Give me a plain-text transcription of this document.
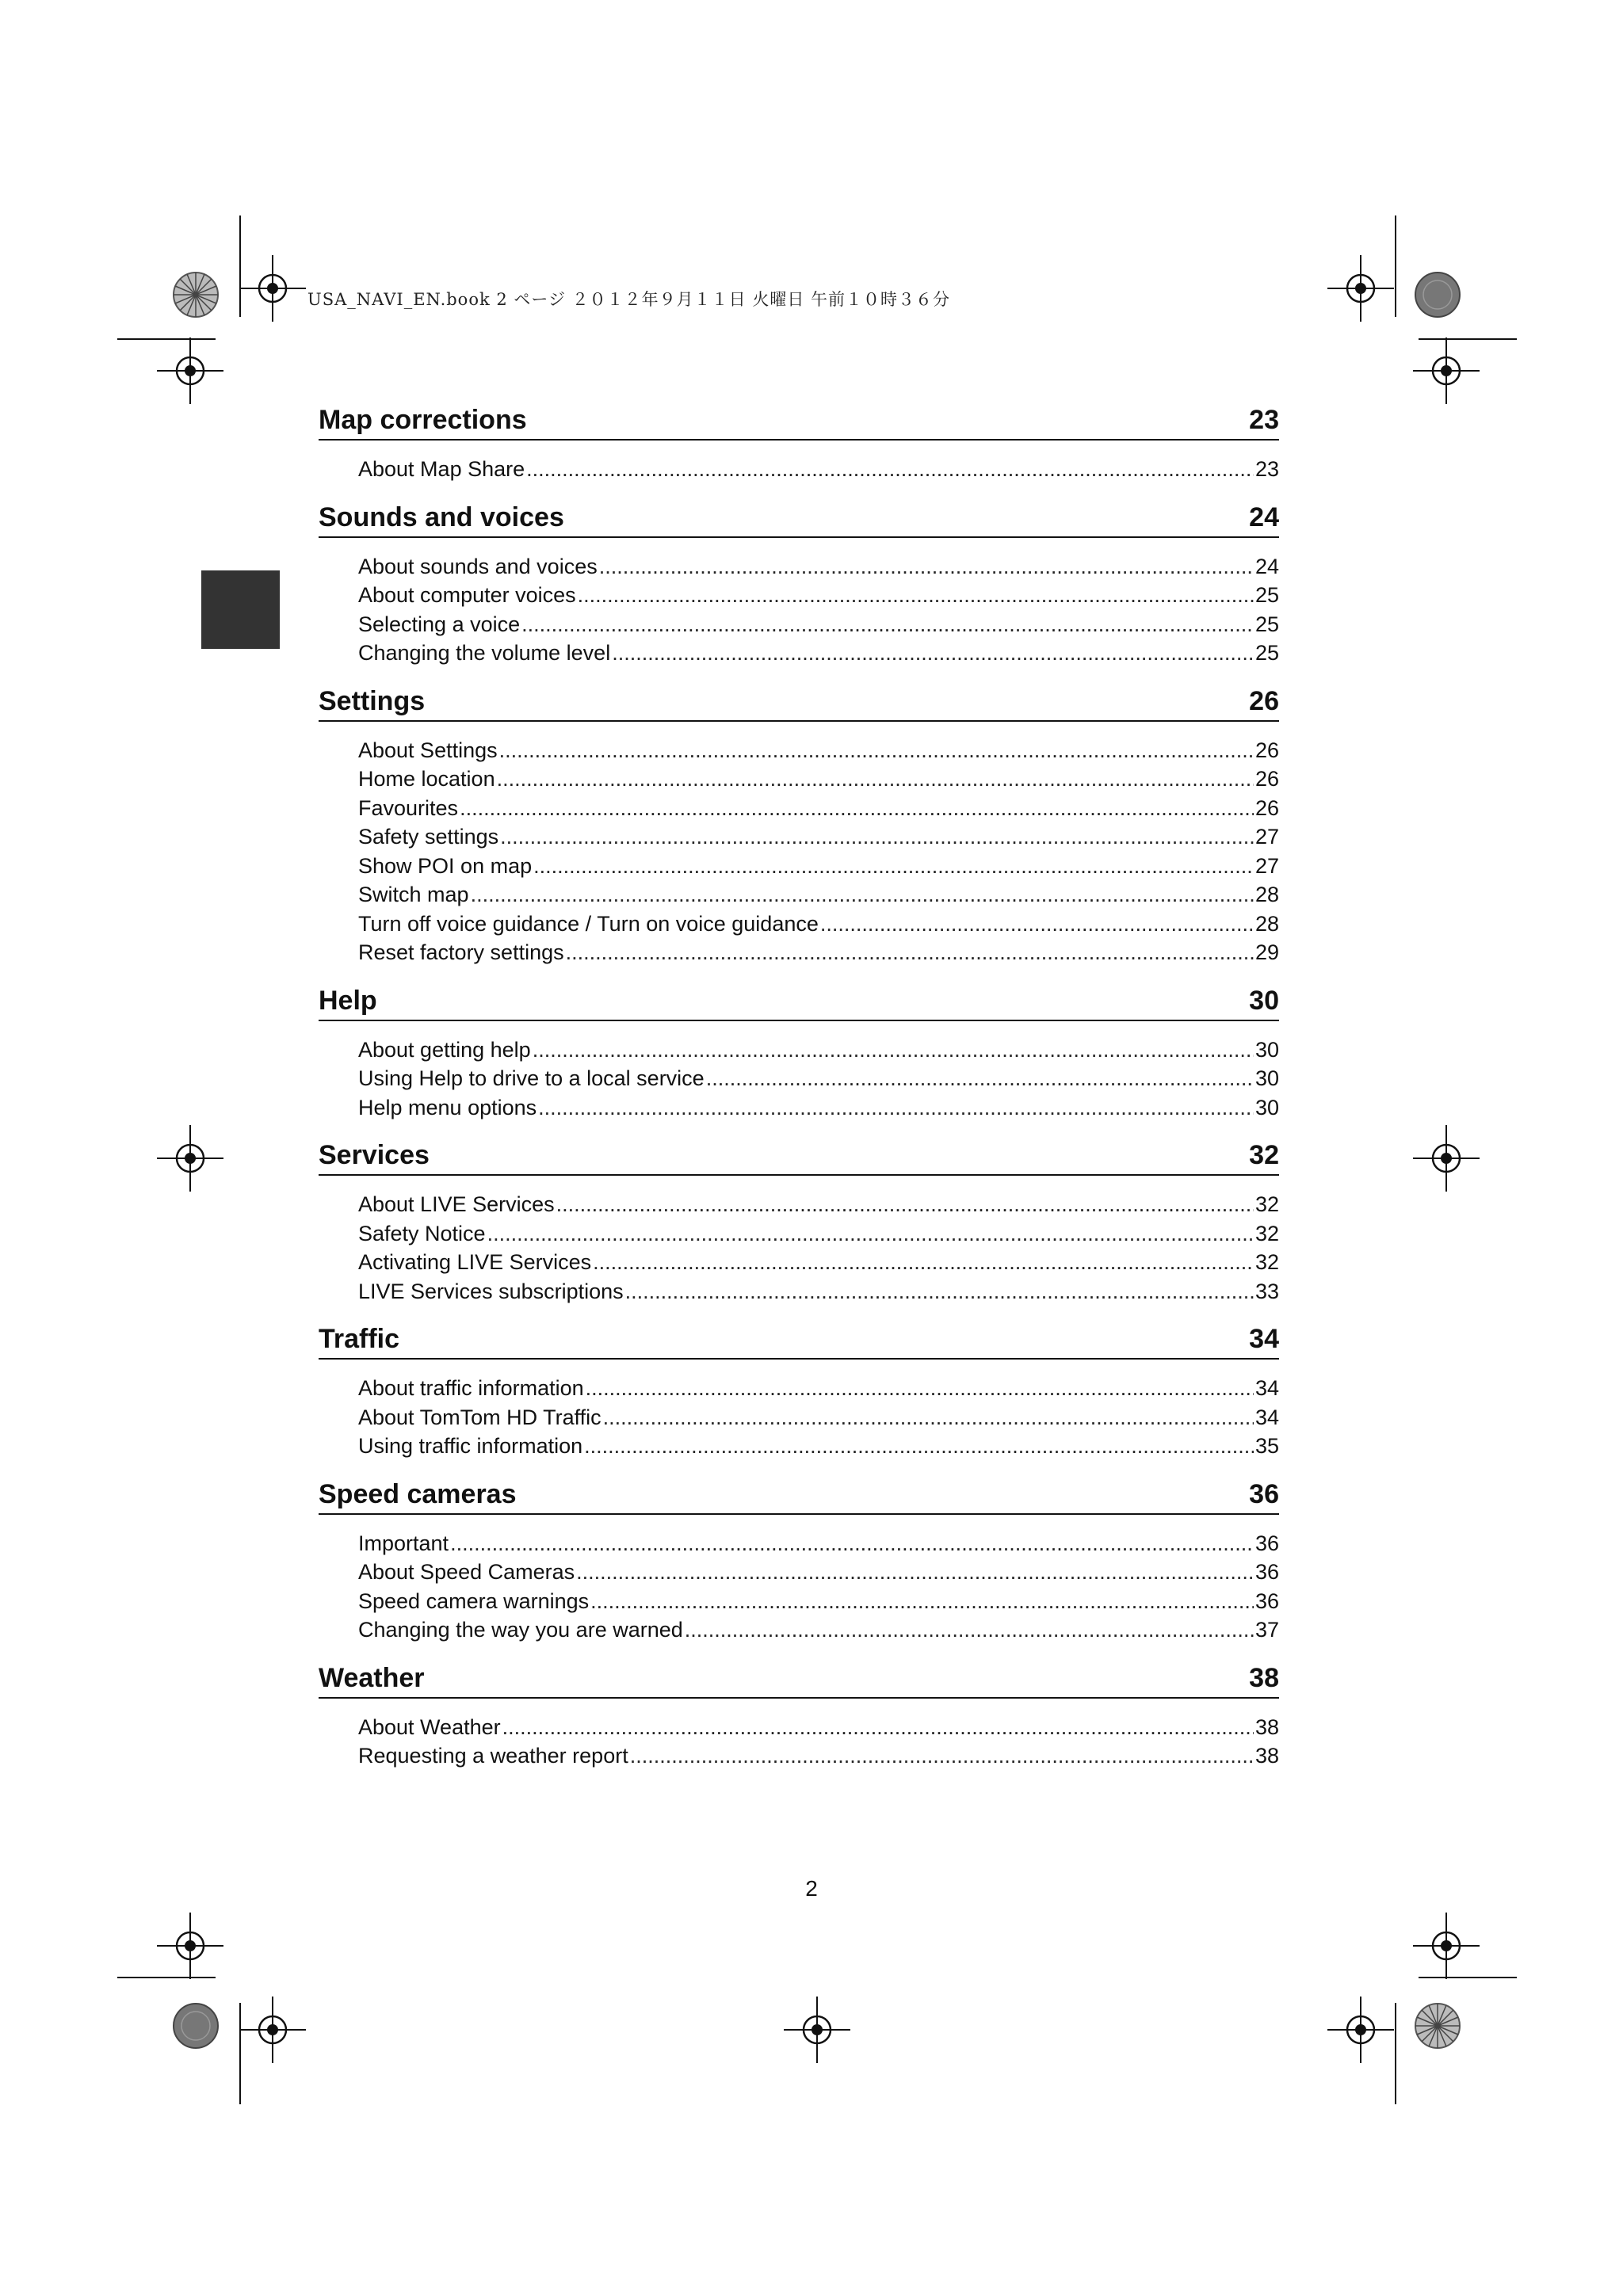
USA_NAVI_EN.book 2 ページ ２０１２年９月１１日 火曜日 午前１０時３６分
Map corrections	23
About Map Share .....	23
Sounds and voices	24
About sounds and voices .....	24
About computer voices .....	25
Selecting a voice .....	25
Changing the volume level .....	25
Settings	26
About Settings .....	26
Home location .....	26
Favourites .....	26
Safety settings .....	27
Show POI on map .....	27
Switch map .....	28
Turn off voice guidance / Turn on voice guidance .....	28
Reset factory settings .....	29
Help	30
About getting help .....	30
Using Help to drive to a local service .....	30
Help menu options .....	30
Services	32
About LIVE Services .....	32
Safety Notice .....	32
Activating LIVE Services .....	32
LIVE Services subscriptions .....	33
Traffic	34
About traffic information .....	34
About TomTom HD Traffic .....	34
Using traffic information .....	35
Speed cameras	36
Important .....	36
About Speed Cameras .....	36
Speed camera warnings .....	36
Changing the way you are warned .....	37
Weather	38
About Weather .....	38
Requesting a weather report .....	38
2
